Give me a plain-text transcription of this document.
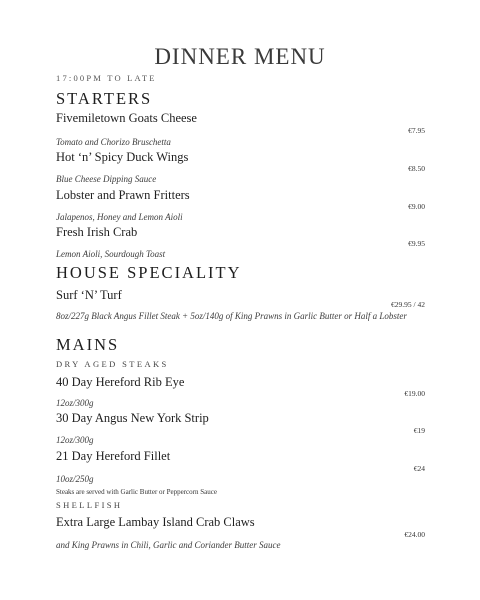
DINNER MENU
17:00PM TO LATE
STARTERS
Fivemiletown Goats Cheese
€7.95
Tomato and Chorizo Bruschetta
Hot ‘n’ Spicy Duck Wings
€8.50
Blue Cheese Dipping Sauce
Lobster and Prawn Fritters
€9.00
Jalapenos, Honey and Lemon Aioli
Fresh Irish Crab
€9.95
Lemon Aioli, Sourdough Toast
HOUSE SPECIALITY
Surf ‘N’ Turf
€29.95 / 42
8oz/227g Black Angus Fillet Steak + 5oz/140g of King Prawns in Garlic Butter or Half a Lobster
MAINS
DRY AGED STEAKS
40 Day Hereford Rib Eye
€19.00
12oz/300g
30 Day Angus New York Strip
€19
12oz/300g
21 Day Hereford Fillet
€24
10oz/250g
Steaks are served with Garlic Butter or Peppercorn Sauce
SHELLFISH
Extra Large Lambay Island Crab Claws
€24.00
and King Prawns in Chili, Garlic and Coriander Butter Sauce
